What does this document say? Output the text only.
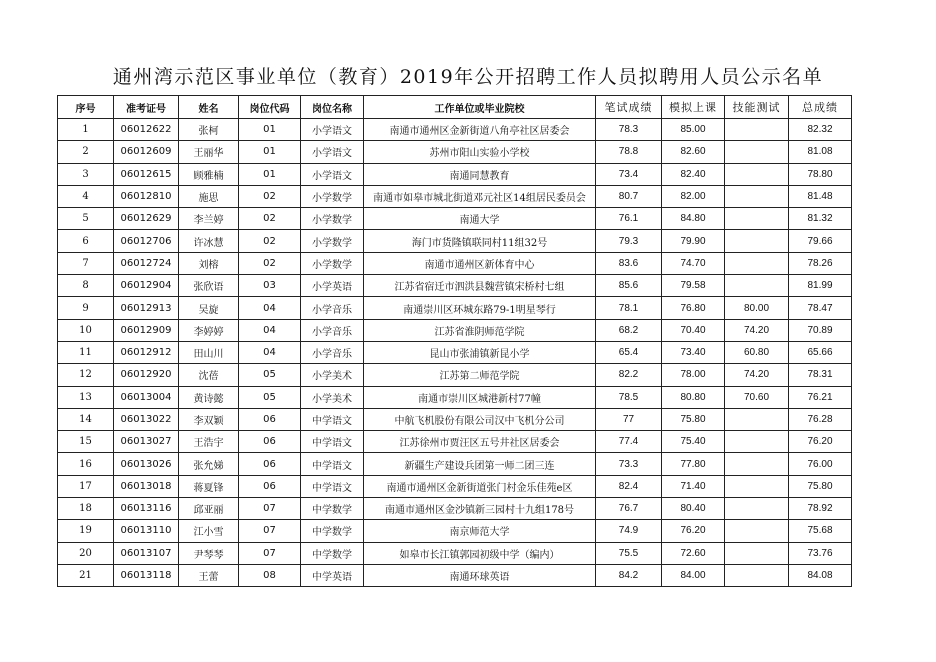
通州湾示范区事业单位（教育）2019年公开招聘工作人员拟聘用人员公示名单
序号	准考证号	姓名	岗位代码	岗位名称	工作单位或毕业院校	笔试成绩	模拟上课	技能测试	总成绩
1	06012622	张柯	01	小学语文	南通市通州区金新街道八角亭社区居委会	78.3	85.00		82.32
2	06012609	王丽华	01	小学语文	苏州市阳山实验小学校	78.8	82.60		81.08
3	06012615	顾雅楠	01	小学语文	南通同慧教育	73.4	82.40		78.80
4	06012810	施思	02	小学数学	南通市如皋市城北街道邓元社区14组居民委员会	80.7	82.00		81.48
5	06012629	李兰婷	02	小学数学	南通大学	76.1	84.80		81.32
6	06012706	许冰慧	02	小学数学	海门市货隆镇联同村11组32号	79.3	79.90		79.66
7	06012724	刘榕	02	小学数学	南通市通州区新体育中心	83.6	74.70		78.26
8	06012904	张欣语	03	小学英语	江苏省宿迁市泗洪县魏营镇宋桥村七组	85.6	79.58		81.99
9	06012913	吴旋	04	小学音乐	南通崇川区环城东路79-1明星琴行	78.1	76.80	80.00	78.47
10	06012909	李婷婷	04	小学音乐	江苏省淮阴师范学院	68.2	70.40	74.20	70.89
11	06012912	田山川	04	小学音乐	昆山市张浦镇新昆小学	65.4	73.40	60.80	65.66
12	06012920	沈蓓	05	小学美术	江苏第二师范学院	82.2	78.00	74.20	78.31
13	06013004	黄诗懿	05	小学美术	南通市崇川区城港新村77幢	78.5	80.80	70.60	76.21
14	06013022	李双颖	06	中学语文	中航飞机股份有限公司汉中飞机分公司	77	75.80		76.28
15	06013027	王浩宇	06	中学语文	江苏徐州市贾汪区五号井社区居委会	77.4	75.40		76.20
16	06013026	张允娣	06	中学语文	新疆生产建设兵团第一师二团三连	73.3	77.80		76.00
17	06013018	蒋夏锋	06	中学语文	南通市通州区金新街道张门村金乐佳苑e区	82.4	71.40		75.80
18	06013116	邱亚丽	07	中学数学	南通市通州区金沙镇新三园村十九组178号	76.7	80.40		78.92
19	06013110	江小雪	07	中学数学	南京师范大学	74.9	76.20		75.68
20	06013107	尹琴琴	07	中学数学	如皋市长江镇郭园初级中学（编内）	75.5	72.60		73.76
21	06013118	王蕾	08	中学英语	南通环球英语	84.2	84.00		84.08
